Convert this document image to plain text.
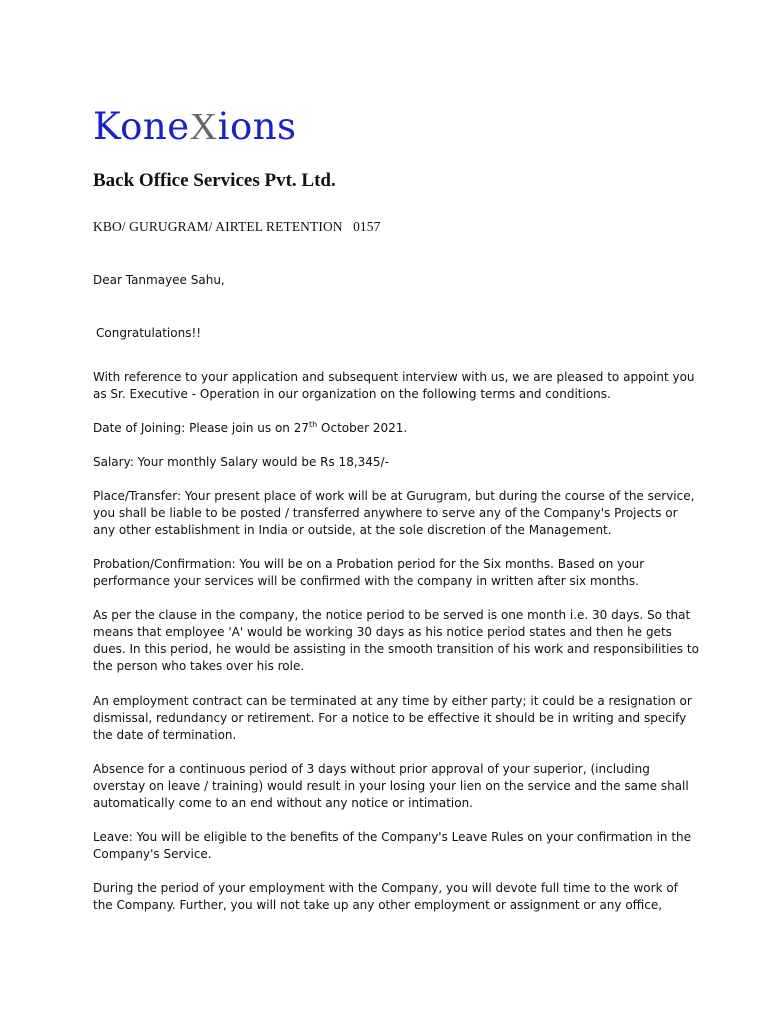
KoneXions
Back Office Services Pvt. Ltd.
KBO/ GURUGRAM/ AIRTEL RETENTION   0157
Dear Tanmayee Sahu,
Congratulations!!
With reference to your application and subsequent interview with us, we are pleased to appoint you
as Sr. Executive - Operation in our organization on the following terms and conditions.
Date of Joining: Please join us on 27th October 2021.
Salary: Your monthly Salary would be Rs 18,345/-
Place/Transfer: Your present place of work will be at Gurugram, but during the course of the service,
you shall be liable to be posted / transferred anywhere to serve any of the Company's Projects or
any other establishment in India or outside, at the sole discretion of the Management.
Probation/Confirmation: You will be on a Probation period for the Six months. Based on your
performance your services will be confirmed with the company in written after six months.
As per the clause in the company, the notice period to be served is one month i.e. 30 days. So that
means that employee 'A' would be working 30 days as his notice period states and then he gets
dues. In this period, he would be assisting in the smooth transition of his work and responsibilities to
the person who takes over his role.
An employment contract can be terminated at any time by either party; it could be a resignation or
dismissal, redundancy or retirement. For a notice to be effective it should be in writing and specify
the date of termination.
Absence for a continuous period of 3 days without prior approval of your superior, (including
overstay on leave / training) would result in your losing your lien on the service and the same shall
automatically come to an end without any notice or intimation.
Leave: You will be eligible to the benefits of the Company's Leave Rules on your confirmation in the
Company's Service.
During the period of your employment with the Company, you will devote full time to the work of
the Company. Further, you will not take up any other employment or assignment or any office,
